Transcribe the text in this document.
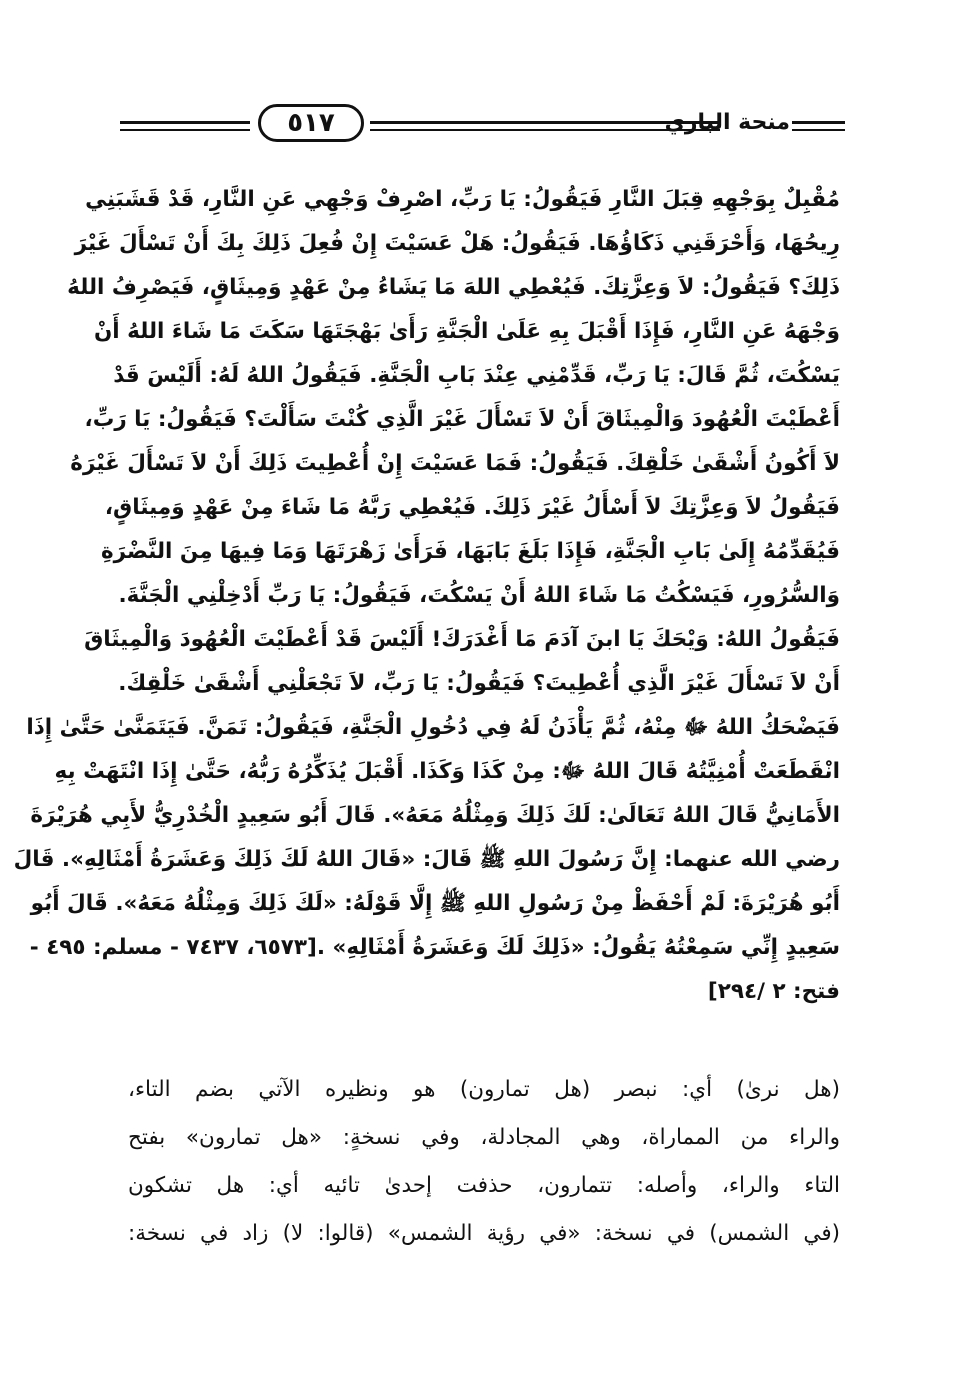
٥١٧	منحة الباري
مُقْبِلٌ بِوَجْهِهِ قِبَلَ النَّارِ فَيَقُولُ: يَا رَبِّ، اصْرِفْ وَجْهِي عَنِ النَّارِ، قَدْ قَشَبَنِي
رِيحُهَا، وَأَحْرَقَنِي ذَكَاؤُهَا. فَيَقُولُ: هَلْ عَسَيْتَ إِنْ فُعِلَ ذَلِكَ بِكَ أَنْ تَسْأَلَ غَيْرَ
ذَلِكَ؟ فَيَقُولُ: لاَ وَعِزَّتِكَ. فَيُعْطِي اللهَ مَا يَشَاءُ مِنْ عَهْدٍ وَمِيثَاقٍ، فَيَصْرِفُ اللهُ
وَجْهَهُ عَنِ النَّارِ، فَإِذَا أَقْبَلَ بِهِ عَلَىٰ الْجَنَّةِ رَأَىٰ بَهْجَتَهَا سَكَتَ مَا شَاءَ اللهُ أَنْ
يَسْكُتَ، ثُمَّ قَالَ: يَا رَبِّ، قَدِّمْنِي عِنْدَ بَابِ الْجَنَّةِ. فَيَقُولُ اللهُ لَهُ: أَلَيْسَ قَدْ
أَعْطَيْتَ الْعُهُودَ وَالْمِيثَاقَ أَنْ لاَ تَسْأَلَ غَيْرَ الَّذِي كُنْتَ سَأَلْتَ؟ فَيَقُولُ: يَا رَبِّ،
لاَ أَكُونُ أَشْقَىٰ خَلْقِكَ. فَيَقُولُ: فَمَا عَسَيْتَ إِنْ أُعْطِيتَ ذَلِكَ أَنْ لاَ تَسْأَلَ غَيْرَهُ
فَيَقُولُ لاَ وَعِزَّتِكَ لاَ أَسْأَلُ غَيْرَ ذَلِكَ. فَيُعْطِي رَبَّهُ مَا شَاءَ مِنْ عَهْدٍ وَمِيثَاقٍ،
فَيُقَدِّمُهُ إِلَىٰ بَابِ الْجَنَّةِ، فَإِذَا بَلَغَ بَابَهَا، فَرَأَىٰ زَهْرَتَهَا وَمَا فِيهَا مِنَ النَّضْرَةِ
وَالسُّرُورِ، فَيَسْكُتُ مَا شَاءَ اللهُ أَنْ يَسْكُتَ، فَيَقُولُ: يَا رَبِّ أَدْخِلْنِي الْجَنَّةَ.
فَيَقُولُ اللهُ: وَيْحَكَ يَا ابنَ آدَمَ مَا أَغْدَرَكَ! أَلَيْسَ قَدْ أَعْطَيْتَ الْعُهُودَ وَالْمِيثَاقَ
أَنْ لاَ تَسْأَلَ غَيْرَ الَّذِي أُعْطِيتَ؟ فَيَقُولُ: يَا رَبِّ، لاَ تَجْعَلْنِي أَشْقَىٰ خَلْقِكَ.
فَيَضْحَكُ اللهُ ﷻ مِنْهُ، ثُمَّ يَأْذَنُ لَهُ فِي دُخُولِ الْجَنَّةِ، فَيَقُولُ: تَمَنَّ. فَيَتَمَنَّىٰ حَتَّىٰ إِذَا
انْقَطَعَتْ أُمْنِيَّتُهُ قَالَ اللهُ ﷻ: مِنْ كَذَا وَكَذَا. أَقْبَلَ يُذَكِّرُهُ رَبُّهُ، حَتَّىٰ إِذَا انْتَهَتْ بِهِ
الأَمَانِيُّ قَالَ اللهُ تَعَالَىٰ: لَكَ ذَلِكَ وَمِثْلُهُ مَعَهُ». قَالَ أَبُو سَعِيدٍ الْخُدْرِيُّ لأَبِي هُرَيْرَةَ
رضي الله عنهما: إِنَّ رَسُولَ اللهِ ﷺ قَالَ: «قَالَ اللهُ لَكَ ذَلِكَ وَعَشَرَةُ أَمْثَالِهِ». قَالَ
أَبُو هُرَيْرَةَ: لَمْ أَحْفَظْ مِنْ رَسُولِ اللهِ ﷺ إِلَّا قَوْلَهُ: «لَكَ ذَلِكَ وَمِثْلُهُ مَعَهُ». قَالَ أَبُو
سَعِيدٍ إِنِّي سَمِعْتُهُ يَقُولُ: «ذَلِكَ لَكَ وَعَشَرَةُ أَمْثَالِهِ» .[٦٥٧٣، ٧٤٣٧ - مسلم: ٤٩٥ -
فتح: ٢ /٢٩٤]
(هل نرىٰ) أي: نبصر (هل تمارون) هو ونظيره الآتي بضم التاء،
والراء من المماراة، وهي المجادلة، وفي نسخةٍ: «هل تمارون» بفتح
التاء والراء، وأصله: تتمارون، حذفت إحدىٰ تائيه أي: هل تشكون
(في الشمس) في نسخة: «في رؤية الشمس» (قالوا: لا) زاد في نسخة:
